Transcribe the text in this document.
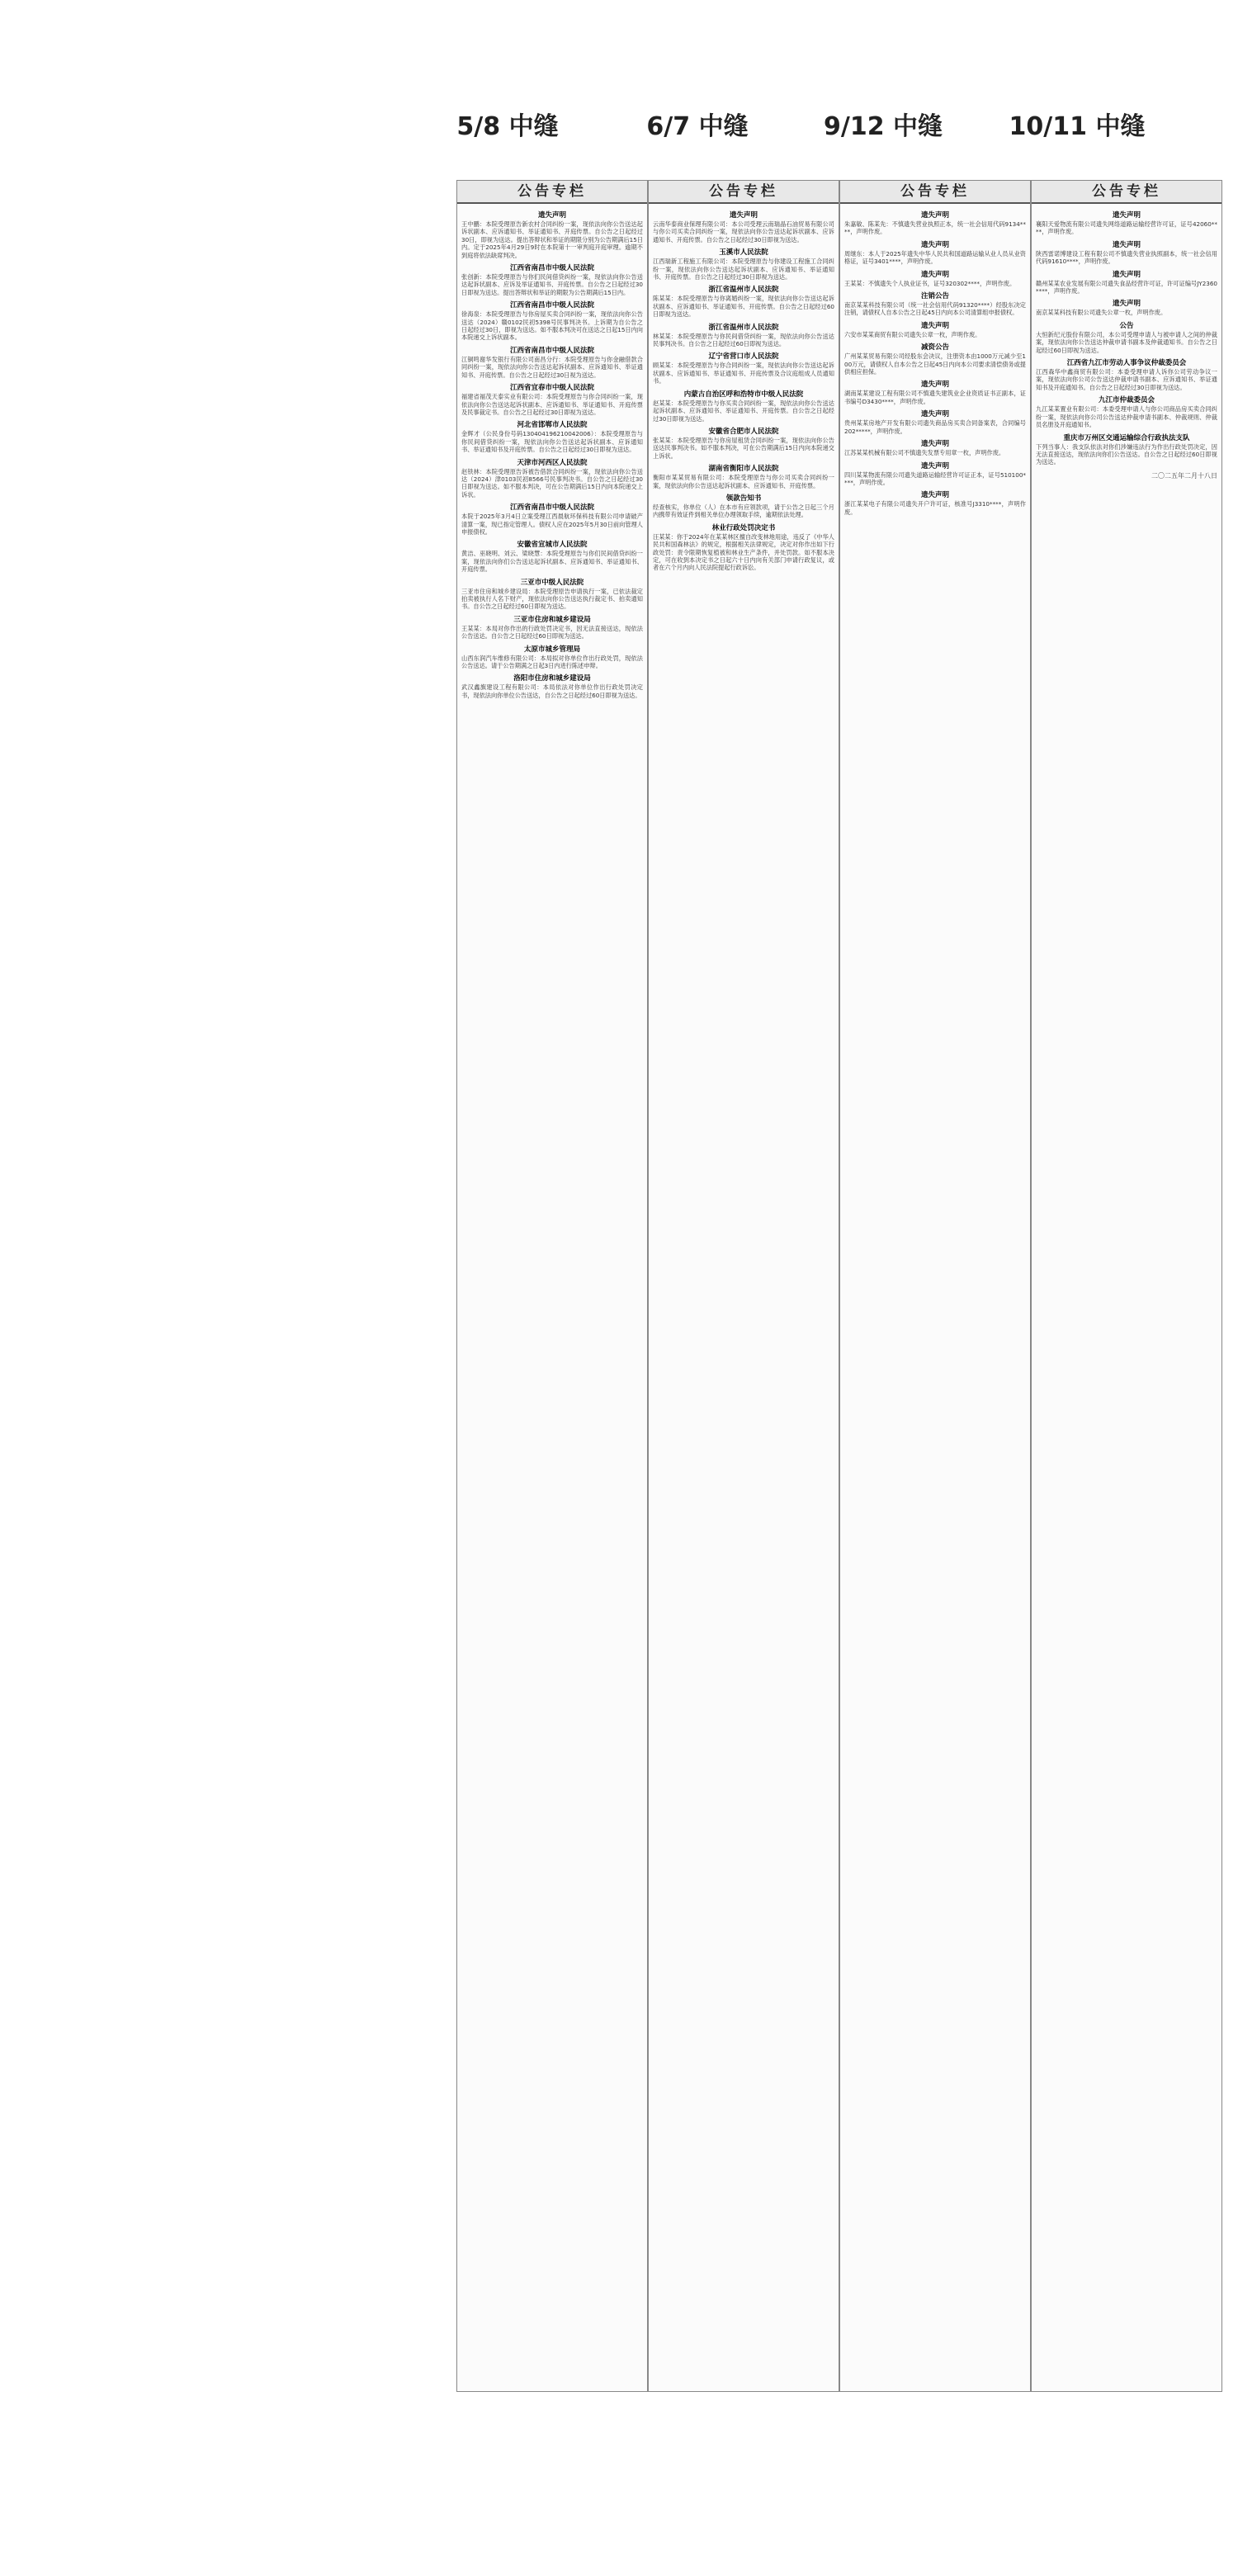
5/8 中缝	6/7 中缝	9/12 中缝	10/11 中缝
公告专栏
遗失声明
王中鹏：本院受理原告新农村合同纠纷一案，现依法向你公告送达起诉状副本、应诉通知书、举证通知书、开庭传票。自公告之日起经过30日，即视为送达。提出答辩状和举证的期限分别为公告期满后15日内。定于2025年4月29日9时在本院第十一审判庭开庭审理。逾期不到庭将依法缺席判决。
江西省南昌市中级人民法院
张创新：本院受理原告与你们民间借贷纠纷一案，现依法向你公告送达起诉状副本、应诉及举证通知书、开庭传票。自公告之日起经过30日即视为送达。提出答辩状和举证的期限为公告期满后15日内。
江西省南昌市中级人民法院
徐海泉：本院受理原告与你房屋买卖合同纠纷一案，现依法向你公告送达（2024）赣0102民初5398号民事判决书。上诉期为自公告之日起经过30日，即视为送达。如不服本判决可在送达之日起15日内向本院递交上诉状副本。
江西省南昌市中级人民法院
江铜鸣谢华发银行有限公司南昌分行：本院受理原告与你金融借款合同纠纷一案，现依法向你公告送达起诉状副本、应诉通知书、举证通知书、开庭传票。自公告之日起经过30日视为送达。
江西省宜春市中级人民法院
福建省福茂天泰实业有限公司：本院受理原告与你合同纠纷一案，现依法向你公告送达起诉状副本、应诉通知书、举证通知书、开庭传票及民事裁定书。自公告之日起经过30日即视为送达。
河北省邯郸市人民法院
金辉才（公民身份号码130404196210042006）：本院受理原告与你民间借贷纠纷一案，现依法向你公告送达起诉状副本、应诉通知书、举证通知书及开庭传票。自公告之日起经过30日即视为送达。
天津市河西区人民法院
赵铁林：本院受理原告诉被告借款合同纠纷一案，现依法向你公告送达（2024）津0103民初8566号民事判决书。自公告之日起经过30日即视为送达。如不服本判决，可在公告期满后15日内向本院递交上诉状。
江西省南昌市中级人民法院
本院于2025年3月4日立案受理江西晨航环保科技有限公司申请破产清算一案，现已指定管理人。债权人应在2025年5月30日前向管理人申报债权。
安徽省宣城市人民法院
黄洁、巫晓明、刘云、梁晓慧：本院受理原告与你们民间借贷纠纷一案，现依法向你们公告送达起诉状副本、应诉通知书、举证通知书、开庭传票。
三亚市中级人民法院
三亚市住房和城乡建设局：本院受理原告申请执行一案，已依法裁定拍卖被执行人名下财产，现依法向你公告送达执行裁定书、拍卖通知书。自公告之日起经过60日即视为送达。
三亚市住房和城乡建设局
王某某：本局对你作出的行政处罚决定书，因无法直接送达，现依法公告送达。自公告之日起经过60日即视为送达。
太原市城乡管理局
山西东润汽车维修有限公司：本局拟对你单位作出行政处罚，现依法公告送达。请于公告期满之日起3日内进行陈述申辩。
洛阳市住房和城乡建设局
武汉鑫旗建设工程有限公司：本局依法对你单位作出行政处罚决定书，现依法向你单位公告送达，自公告之日起经过60日即视为送达。
公告专栏
遗失声明
云南华泰商业保理有限公司：本公司受理云南瑞晶石油贸易有限公司与你公司买卖合同纠纷一案，现依法向你公告送达起诉状副本、应诉通知书、开庭传票。自公告之日起经过30日即视为送达。
玉溪市人民法院
江西瑞新工程施工有限公司：本院受理原告与你建设工程施工合同纠纷一案，现依法向你公告送达起诉状副本、应诉通知书、举证通知书、开庭传票。自公告之日起经过30日即视为送达。
浙江省温州市人民法院
陈某某：本院受理原告与你离婚纠纷一案，现依法向你公告送达起诉状副本、应诉通知书、举证通知书、开庭传票。自公告之日起经过60日即视为送达。
浙江省温州市人民法院
林某某：本院受理原告与你民间借贷纠纷一案，现依法向你公告送达民事判决书。自公告之日起经过60日即视为送达。
辽宁省营口市人民法院
顾某某：本院受理原告与你合同纠纷一案，现依法向你公告送达起诉状副本、应诉通知书、举证通知书、开庭传票及合议庭组成人员通知书。
内蒙古自治区呼和浩特市中级人民法院
赵某某：本院受理原告与你买卖合同纠纷一案，现依法向你公告送达起诉状副本、应诉通知书、举证通知书、开庭传票。自公告之日起经过30日即视为送达。
安徽省合肥市人民法院
张某某：本院受理原告与你房屋租赁合同纠纷一案，现依法向你公告送达民事判决书。如不服本判决，可在公告期满后15日内向本院递交上诉状。
湖南省衡阳市人民法院
衡阳市某某贸易有限公司：本院受理原告与你公司买卖合同纠纷一案，现依法向你公告送达起诉状副本、应诉通知书、开庭传票。
领款告知书
经查核实，你单位（人）在本市有应领款项，请于公告之日起三个月内携带有效证件到相关单位办理领取手续，逾期依法处理。
林业行政处罚决定书
汪某某：你于2024年在某某林区擅自改变林地用途，违反了《中华人民共和国森林法》的规定，根据相关法律规定，决定对你作出如下行政处罚：责令限期恢复植被和林业生产条件，并处罚款。如不服本决定，可在收到本决定书之日起六十日内向有关部门申请行政复议，或者在六个月内向人民法院提起行政诉讼。
公告专栏
遗失声明
朱嘉敏、陈某先：不慎遗失营业执照正本，统一社会信用代码9134****，声明作废。
遗失声明
周继东：本人于2025年遗失中华人民共和国道路运输从业人员从业资格证，证号3401****，声明作废。
遗失声明
王某某：不慎遗失个人执业证书，证号320302****，声明作废。
注销公告
南京某某科技有限公司（统一社会信用代码91320****）经股东决定注销，请债权人自本公告之日起45日内向本公司清算组申报债权。
遗失声明
六安市某某商贸有限公司遗失公章一枚，声明作废。
减资公告
广州某某贸易有限公司经股东会决议，注册资本由1000万元减少至100万元，请债权人自本公告之日起45日内向本公司要求清偿债务或提供相应担保。
遗失声明
湖南某某建设工程有限公司不慎遗失建筑业企业资质证书正副本，证书编号D3430****，声明作废。
遗失声明
贵州某某房地产开发有限公司遗失商品房买卖合同备案表，合同编号202*****，声明作废。
遗失声明
江苏某某机械有限公司不慎遗失发票专用章一枚，声明作废。
遗失声明
四川某某物流有限公司遗失道路运输经营许可证正本，证号510100****，声明作废。
遗失声明
浙江某某电子有限公司遗失开户许可证，核准号J3310****，声明作废。
公告专栏
遗失声明
襄阳天爱物流有限公司遗失网络道路运输经营许可证，证号42060****，声明作废。
遗失声明
陕西雷诺博建设工程有限公司不慎遗失营业执照副本，统一社会信用代码91610****，声明作废。
遗失声明
赣州某某农业发展有限公司遗失食品经营许可证，许可证编号JY2360****，声明作废。
遗失声明
南京某某科技有限公司遗失公章一枚，声明作废。
公告
大恒新纪元股份有限公司，本公司受理申请人与被申请人之间的仲裁案，现依法向你公告送达仲裁申请书副本及仲裁通知书。自公告之日起经过60日即视为送达。
江西省九江市劳动人事争议仲裁委员会
江西森华中鑫商贸有限公司：本委受理申请人诉你公司劳动争议一案，现依法向你公司公告送达仲裁申请书副本、应诉通知书、举证通知书及开庭通知书。自公告之日起经过30日即视为送达。
九江市仲裁委员会
九江某某置业有限公司：本委受理申请人与你公司商品房买卖合同纠纷一案，现依法向你公司公告送达仲裁申请书副本、仲裁规则、仲裁员名册及开庭通知书。
重庆市万州区交通运输综合行政执法支队
下列当事人：我支队依法对你们涉嫌违法行为作出行政处罚决定，因无法直接送达，现依法向你们公告送达。自公告之日起经过60日即视为送达。
二〇二五年二月十八日
